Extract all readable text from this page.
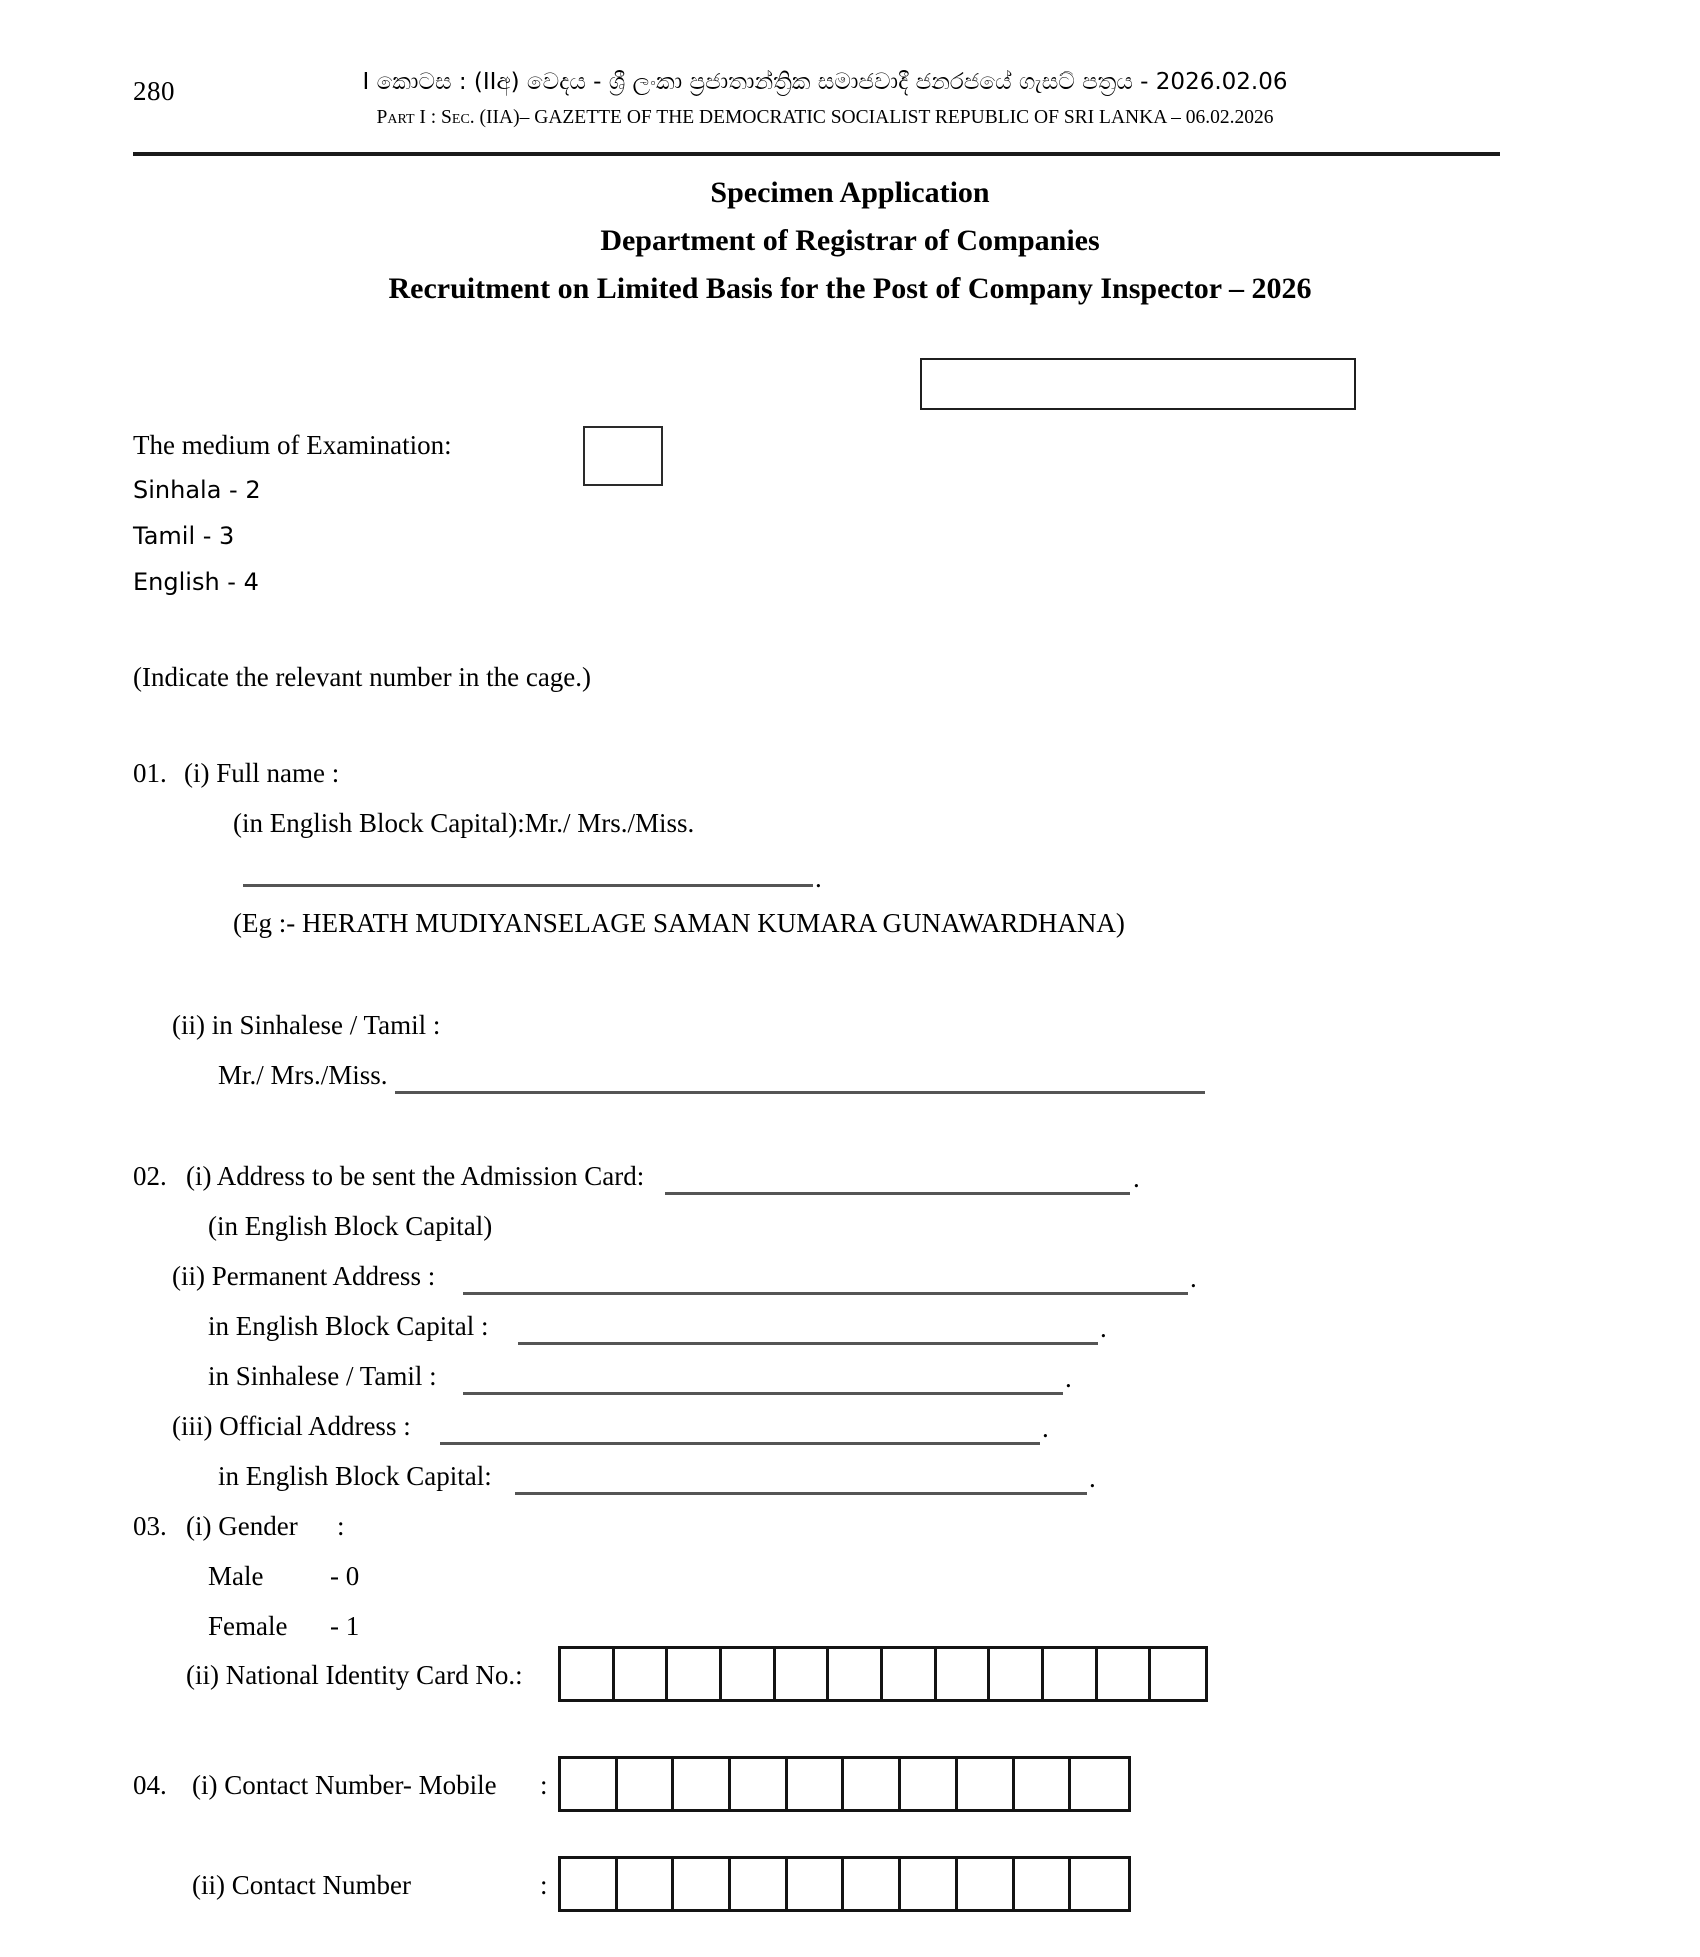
280	I කොටස : (IIඅ) වෙදය - ශ්‍රී ලංකා ප්‍රජාතාන්ත්‍රික සමාජවාදී ජනරජයේ ගැසට් පත්‍රය - 2026.02.06
Part I : Sec. (IIA)– GAZETTE OF THE DEMOCRATIC SOCIALIST REPUBLIC OF SRI LANKA – 06.02.2026
Specimen Application
Department of Registrar of Companies
Recruitment on Limited Basis for the Post of Company Inspector – 2026
The medium of Examination:
Sinhala - 2
Tamil - 3
English - 4
(Indicate the relevant number in the cage.)
01. (i) Full name :
(in English Block Capital):Mr./ Mrs./Miss.
.
(Eg :- HERATH MUDIYANSELAGE SAMAN KUMARA GUNAWARDHANA)
(ii) in Sinhalese / Tamil :
Mr./ Mrs./Miss.
02. (i) Address to be sent the Admission Card:	.
(in English Block Capital)
(ii) Permanent Address :	.
in English Block Capital :	.
in Sinhalese / Tamil :	.
(iii) Official Address :	.
in English Block Capital:	.
03. (i) Gender :
Male - 0
Female - 1
(ii) National Identity Card No.:
04. (i) Contact Number- Mobile :
(ii) Contact Number	:
